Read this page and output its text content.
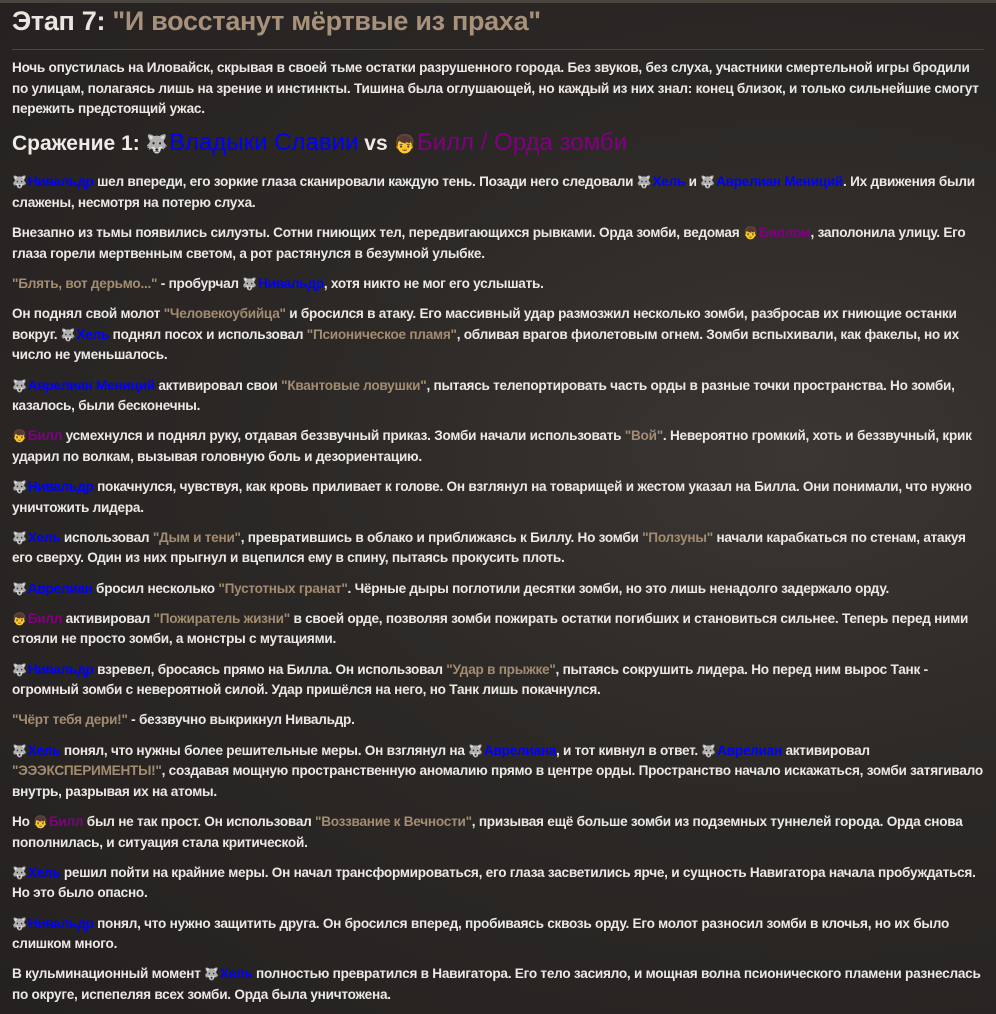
Этап 7: "И восстанут мёртвые из праха"

Ночь опустилась на Иловайск, скрывая в своей тьме остатки разрушенного города. Без звуков, без слуха, участники смертельной игры бродили по улицам, полагаясь лишь на зрение и инстинкты. Тишина была оглушающей, но каждый из них знал: конец близок, и только сильнейшие смогут пережить предстоящий ужас.

Сражение 1: 🐺Владыки Славии vs 👦Билл / Орда зомби

🐺Нивальдр шел впереди, его зоркие глаза сканировали каждую тень. Позади него следовали 🐺Хель и 🐺Аврелиан Мениций. Их движения были слажены, несмотря на потерю слуха.

Внезапно из тьмы появились силуэты. Сотни гниющих тел, передвигающихся рывками. Орда зомби, ведомая 👦Биллом, заполонила улицу. Его глаза горели мертвенным светом, а рот растянулся в безумной улыбке.

"Блять, вот дерьмо..." - пробурчал 🐺Нивальдр, хотя никто не мог его услышать.

Он поднял свой молот "Человекоубийца" и бросился в атаку. Его массивный удар размозжил несколько зомби, разбросав их гниющие останки вокруг. 🐺Хель поднял посох и использовал "Псионическое пламя", обливая врагов фиолетовым огнем. Зомби вспыхивали, как факелы, но их число не уменьшалось.

🐺Аврелиан Мениций активировал свои "Квантовые ловушки", пытаясь телепортировать часть орды в разные точки пространства. Но зомби, казалось, были бесконечны.

👦Билл усмехнулся и поднял руку, отдавая беззвучный приказ. Зомби начали использовать "Вой". Невероятно громкий, хоть и беззвучный, крик ударил по волкам, вызывая головную боль и дезориентацию.

🐺Нивальдр покачнулся, чувствуя, как кровь приливает к голове. Он взглянул на товарищей и жестом указал на Билла. Они понимали, что нужно уничтожить лидера.

🐺Хель использовал "Дым и тени", превратившись в облако и приближаясь к Биллу. Но зомби "Ползуны" начали карабкаться по стенам, атакуя его сверху. Один из них прыгнул и вцепился ему в спину, пытаясь прокусить плоть.

🐺Аврелиан бросил несколько "Пустотных гранат". Чёрные дыры поглотили десятки зомби, но это лишь ненадолго задержало орду.

👦Билл активировал "Пожиратель жизни" в своей орде, позволяя зомби пожирать остатки погибших и становиться сильнее. Теперь перед ними стояли не просто зомби, а монстры с мутациями.

🐺Нивальдр взревел, бросаясь прямо на Билла. Он использовал "Удар в прыжке", пытаясь сокрушить лидера. Но перед ним вырос Танк - огромный зомби с невероятной силой. Удар пришёлся на него, но Танк лишь покачнулся.

"Чёрт тебя дери!" - беззвучно выкрикнул Нивальдр.

🐺Хель понял, что нужны более решительные меры. Он взглянул на 🐺Аврелиана, и тот кивнул в ответ. 🐺Аврелиан активировал "ЭЭЭКСПЕРИМЕНТЫ!", создавая мощную пространственную аномалию прямо в центре орды. Пространство начало искажаться, зомби затягивало внутрь, разрывая их на атомы.

Но 👦Билл был не так прост. Он использовал "Воззвание к Вечности", призывая ещё больше зомби из подземных туннелей города. Орда снова пополнилась, и ситуация стала критической.

🐺Хель решил пойти на крайние меры. Он начал трансформироваться, его глаза засветились ярче, и сущность Навигатора начала пробуждаться. Но это было опасно.

🐺Нивальдр понял, что нужно защитить друга. Он бросился вперед, пробиваясь сквозь орду. Его молот разносил зомби в клочья, но их было слишком много.

В кульминационный момент 🐺Хель полностью превратился в Навигатора. Его тело засияло, и мощная волна псионического пламени разнеслась по округе, испепеляя всех зомби. Орда была уничтожена.
